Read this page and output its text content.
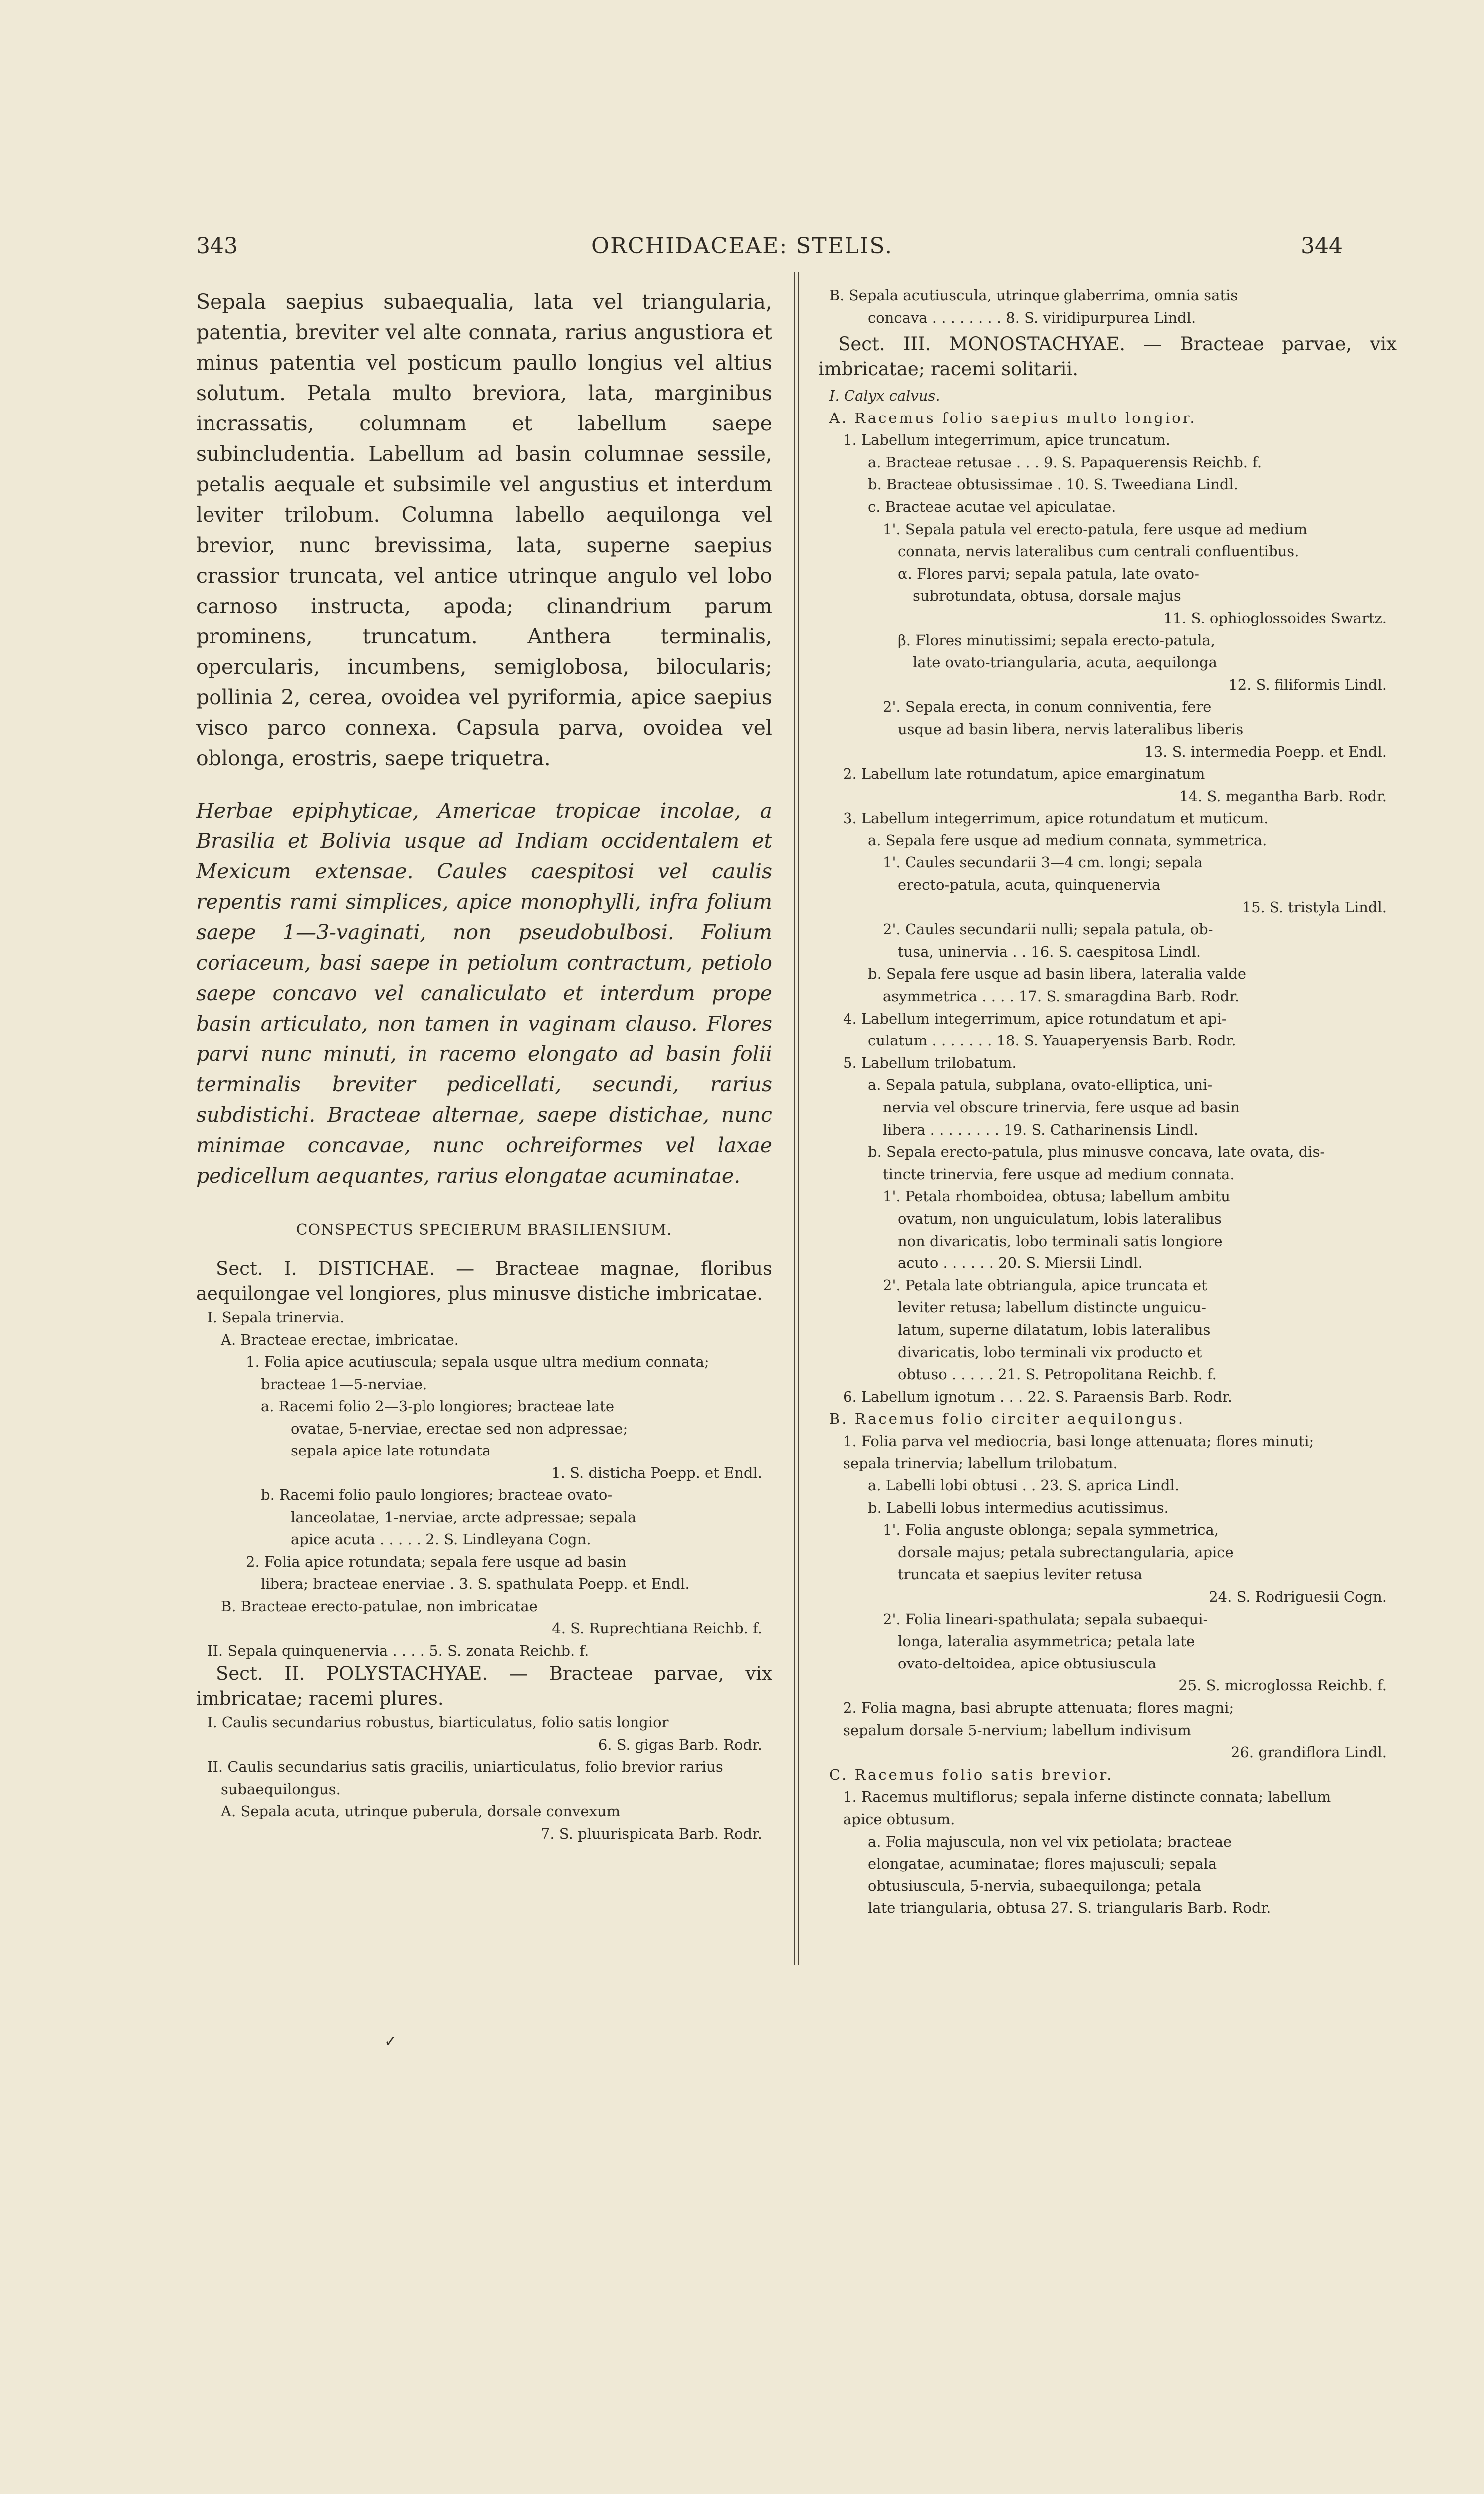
343	ORCHIDACEAE: STELIS.	344

Sepala saepius subaequalia, lata vel triangularia, patentia, breviter vel alte connata, rarius angustiora et minus patentia vel posticum paullo longius vel altius solutum. Petala multo breviora, lata, marginibus incrassatis, columnam et labellum saepe subincludentia. Labellum ad basin columnae sessile, petalis aequale et subsimile vel angustius et interdum leviter trilobum. Columna labello aequilonga vel brevior, nunc brevissima, lata, superne saepius crassior truncata, vel antice utrinque angulo vel lobo carnoso instructa, apoda; clinandrium parum prominens, truncatum. Anthera terminalis, opercularis, incumbens, semiglobosa, bilocularis; pollinia 2, cerea, ovoidea vel pyriformia, apice saepius visco parco connexa. Capsula parva, ovoidea vel oblonga, erostris, saepe triquetra.

Herbae epiphyticae, Americae tropicae incolae, a Brasilia et Bolivia usque ad Indiam occidentalem et Mexicum extensae. Caules caespitosi vel caulis repentis rami simplices, apice monophylli, infra folium saepe 1—3-vaginati, non pseudobulbosi. Folium coriaceum, basi saepe in petiolum contractum, petiolo saepe concavo vel canaliculato et interdum prope basin articulato, non tamen in vaginam clauso. Flores parvi nunc minuti, in racemo elongato ad basin folii terminalis breviter pedicellati, secundi, rarius subdistichi. Bracteae alternae, saepe distichae, nunc minimae concavae, nunc ochreiformes vel laxae pedicellum aequantes, rarius elongatae acuminatae.

CONSPECTUS SPECIERUM BRASILIENSIUM.
Sect. I. DISTICHAE. — Bracteae magnae, floribus aequilongae vel longiores, plus minusve distiche imbricatae.
I. Sepala trinervia.
A. Bracteae erectae, imbricatae.
1. Folia apice acutiuscula; sepala usque ultra medium connata;
bracteae 1—5-nerviae.
a. Racemi folio 2—3-plo longiores; bracteae late
ovatae, 5-nerviae, erectae sed non adpressae;
sepala apice late rotundata
1. S. disticha Poepp. et Endl.
b. Racemi folio paulo longiores; bracteae ovato-
lanceolatae, 1-nerviae, arcte adpressae; sepala
apice acuta . . . . . 2. S. Lindleyana Cogn.
2. Folia apice rotundata; sepala fere usque ad basin
libera; bracteae enerviae . 3. S. spathulata Poepp. et Endl.
B. Bracteae erecto-patulae, non imbricatae
4. S. Ruprechtiana Reichb. f.
II. Sepala quinquenervia . . . . 5. S. zonata Reichb. f.
Sect. II. POLYSTACHYAE. — Bracteae parvae, vix imbricatae; racemi plures.
I. Caulis secundarius robustus, biarticulatus, folio satis longior
6. S. gigas Barb. Rodr.
II. Caulis secundarius satis gracilis, uniarticulatus, folio brevior rarius
subaequilongus.
A. Sepala acuta, utrinque puberula, dorsale convexum
7. S. pluurispicata Barb. Rodr.
✓
B. Sepala acutiuscula, utrinque glaberrima, omnia satis
concava . . . . . . . . 8. S. viridipurpurea Lindl.
Sect. III. MONOSTACHYAE. — Bracteae parvae, vix imbricatae; racemi solitarii.
I. Calyx calvus.
A. Racemus folio saepius multo longior.
1. Labellum integerrimum, apice truncatum.
a. Bracteae retusae . . . 9. S. Papaquerensis Reichb. f.
b. Bracteae obtusissimae . 10. S. Tweediana Lindl.
c. Bracteae acutae vel apiculatae.
1'. Sepala patula vel erecto-patula, fere usque ad medium
connata, nervis lateralibus cum centrali confluentibus.
α. Flores parvi; sepala patula, late ovato-
subrotundata, obtusa, dorsale majus
11. S. ophioglossoides Swartz.
β. Flores minutissimi; sepala erecto-patula,
late ovato-triangularia, acuta, aequilonga
12. S. filiformis Lindl.
2'. Sepala erecta, in conum conniventia, fere
usque ad basin libera, nervis lateralibus liberis
13. S. intermedia Poepp. et Endl.
2. Labellum late rotundatum, apice emarginatum
14. S. megantha Barb. Rodr.
3. Labellum integerrimum, apice rotundatum et muticum.
a. Sepala fere usque ad medium connata, symmetrica.
1'. Caules secundarii 3—4 cm. longi; sepala
erecto-patula, acuta, quinquenervia
15. S. tristyla Lindl.
2'. Caules secundarii nulli; sepala patula, ob-
tusa, uninervia . . 16. S. caespitosa Lindl.
b. Sepala fere usque ad basin libera, lateralia valde
asymmetrica . . . . 17. S. smaragdina Barb. Rodr.
4. Labellum integerrimum, apice rotundatum et api-
culatum . . . . . . . 18. S. Yauaperyensis Barb. Rodr.
5. Labellum trilobatum.
a. Sepala patula, subplana, ovato-elliptica, uni-
nervia vel obscure trinervia, fere usque ad basin
libera . . . . . . . . 19. S. Catharinensis Lindl.
b. Sepala erecto-patula, plus minusve concava, late ovata, dis-
tincte trinervia, fere usque ad medium connata.
1'. Petala rhomboidea, obtusa; labellum ambitu
ovatum, non unguiculatum, lobis lateralibus
non divaricatis, lobo terminali satis longiore
acuto . . . . . . 20. S. Miersii Lindl.
2'. Petala late obtriangula, apice truncata et
leviter retusa; labellum distincte unguicu-
latum, superne dilatatum, lobis lateralibus
divaricatis, lobo terminali vix producto et
obtuso . . . . . 21. S. Petropolitana Reichb. f.
6. Labellum ignotum . . . 22. S. Paraensis Barb. Rodr.
B. Racemus folio circiter aequilongus.
1. Folia parva vel mediocria, basi longe attenuata; flores minuti;
sepala trinervia; labellum trilobatum.
a. Labelli lobi obtusi . . 23. S. aprica Lindl.
b. Labelli lobus intermedius acutissimus.
1'. Folia anguste oblonga; sepala symmetrica,
dorsale majus; petala subrectangularia, apice
truncata et saepius leviter retusa
24. S. Rodriguesii Cogn.
2'. Folia lineari-spathulata; sepala subaequi-
longa, lateralia asymmetrica; petala late
ovato-deltoidea, apice obtusiuscula
25. S. microglossa Reichb. f.
2. Folia magna, basi abrupte attenuata; flores magni;
sepalum dorsale 5-nervium; labellum indivisum
26. grandiflora Lindl.
C. Racemus folio satis brevior.
1. Racemus multiflorus; sepala inferne distincte connata; labellum
apice obtusum.
a. Folia majuscula, non vel vix petiolata; bracteae
elongatae, acuminatae; flores majusculi; sepala
obtusiuscula, 5-nervia, subaequilonga; petala
late triangularia, obtusa 27. S. triangularis Barb. Rodr.
